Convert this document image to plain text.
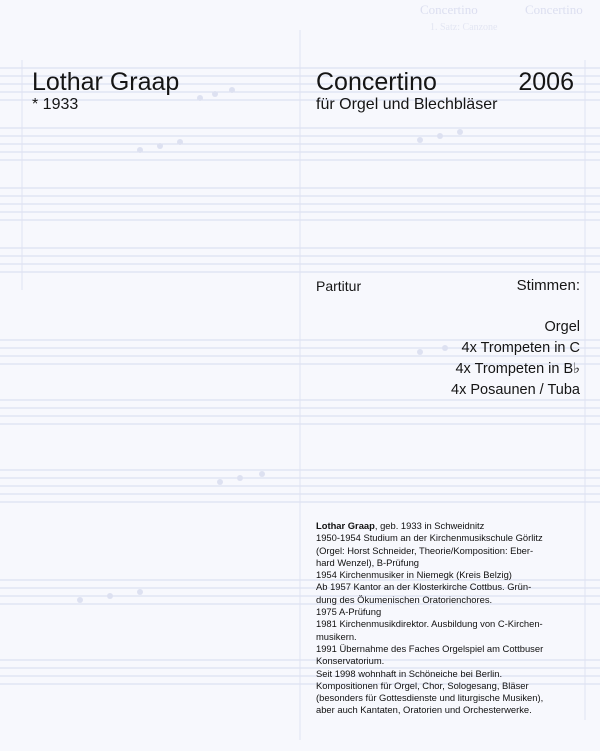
Concertino	Concertino
1. Satz: Canzone
Lothar Graap
* 1933
Concertino	2006
für Orgel und Blechbläser
Partitur	Stimmen:
Orgel
4x Trompeten in C
4x Trompeten in B♭
4x Posaunen / Tuba
Lothar Graap, geb. 1933 in Schweidnitz
1950-1954 Studium an der Kirchenmusikschule Görlitz
(Orgel: Horst Schneider, Theorie/Komposition: Eber-
hard Wenzel), B-Prüfung
1954 Kirchenmusiker in Niemegk (Kreis Belzig)
Ab 1957 Kantor an der Klosterkirche Cottbus. Grün-
dung des Ökumenischen Oratorienchores.
1975 A-Prüfung
1981 Kirchenmusikdirektor. Ausbildung von C-Kirchen-
musikern.
1991 Übernahme des Faches Orgelspiel am Cottbuser
Konservatorium.
Seit 1998 wohnhaft in Schöneiche bei Berlin.
Kompositionen für Orgel, Chor, Sologesang, Bläser
(besonders für Gottesdienste und liturgische Musiken),
aber auch Kantaten, Oratorien und Orchesterwerke.
